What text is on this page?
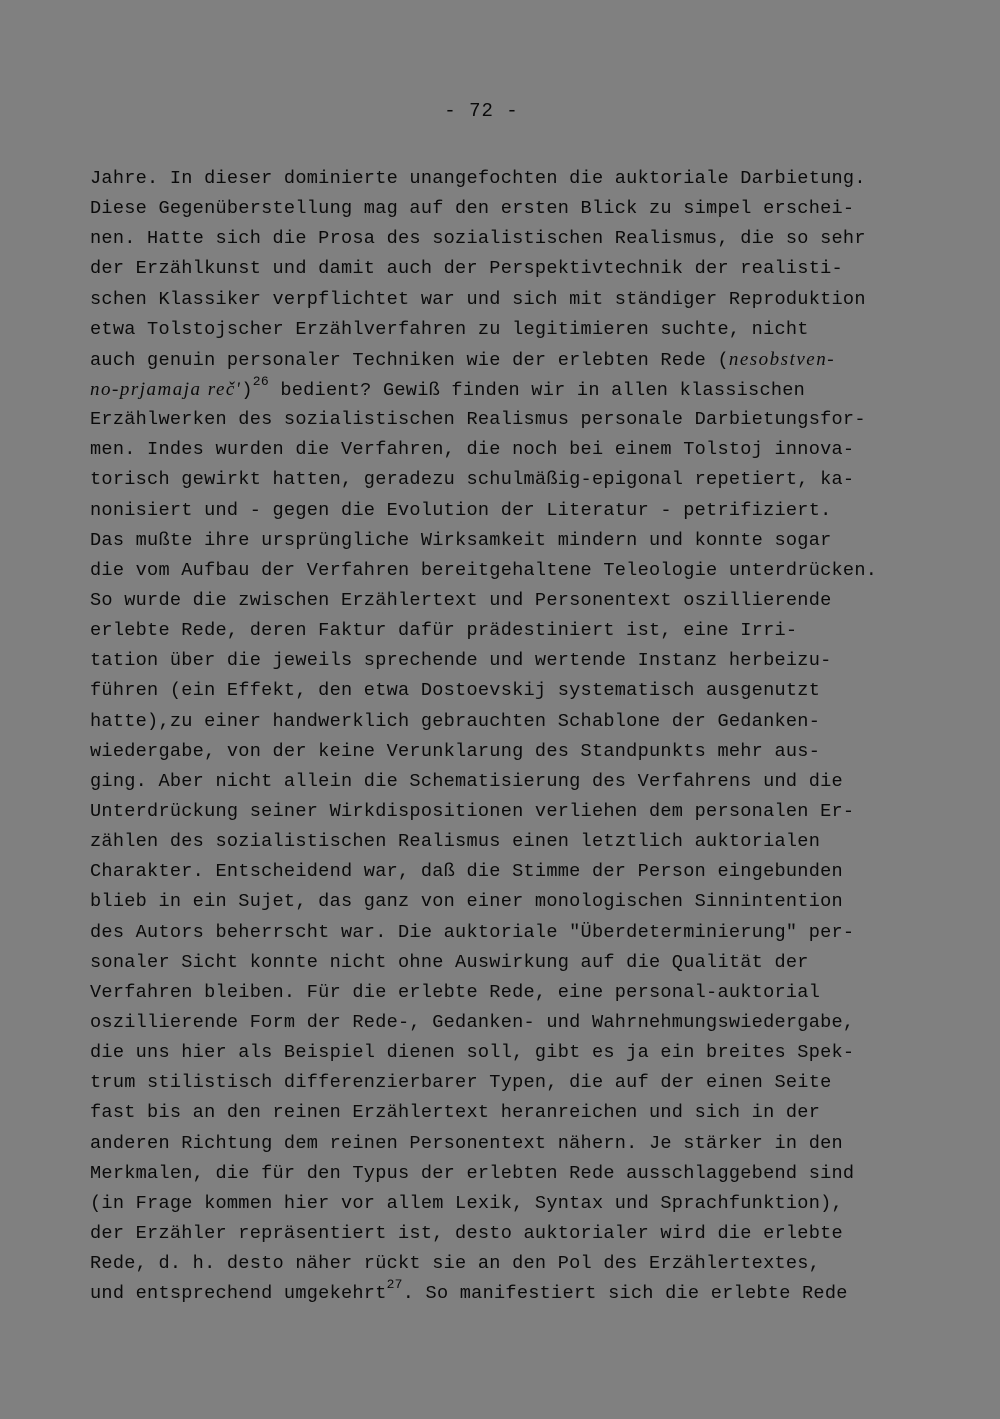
- 72 -
Jahre. In dieser dominierte unangefochten die auktoriale Darbietung.
Diese Gegenüberstellung mag auf den ersten Blick zu simpel erschei-
nen. Hatte sich die Prosa des sozialistischen Realismus, die so sehr
der Erzählkunst und damit auch der Perspektivtechnik der realisti-
schen Klassiker verpflichtet war und sich mit ständiger Reproduktion
etwa Tolstojscher Erzählverfahren zu legitimieren suchte, nicht
auch genuin personaler Techniken wie der erlebten Rede (nesobstven-
no-prjamaja reč')$^{26}$ bedient? Gewiß finden wir in allen klassischen
Erzählwerken des sozialistischen Realismus personale Darbietungsfor-
men. Indes wurden die Verfahren, die noch bei einem Tolstoj innova-
torisch gewirkt hatten, geradezu schulmäßig-epigonal repetiert, ka-
nonisiert und - gegen die Evolution der Literatur - petrifiziert.
Das mußte ihre ursprüngliche Wirksamkeit mindern und konnte sogar
die vom Aufbau der Verfahren bereitgehaltene Teleologie unterdrücken.
So wurde die zwischen Erzählertext und Personentext oszillierende
erlebte Rede, deren Faktur dafür prädestiniert ist, eine Irri-
tation über die jeweils sprechende und wertende Instanz herbeizu-
führen (ein Effekt, den etwa Dostoevskij systematisch ausgenutzt
hatte),zu einer handwerklich gebrauchten Schablone der Gedanken-
wiedergabe, von der keine Verunklarung des Standpunkts mehr aus-
ging. Aber nicht allein die Schematisierung des Verfahrens und die
Unterdrückung seiner Wirkdispositionen verliehen dem personalen Er-
zählen des sozialistischen Realismus einen letztlich auktorialen
Charakter. Entscheidend war, daß die Stimme der Person eingebunden
blieb in ein Sujet, das ganz von einer monologischen Sinnintention
des Autors beherrscht war. Die auktoriale "Überdeterminierung" per-
sonaler Sicht konnte nicht ohne Auswirkung auf die Qualität der
Verfahren bleiben. Für die erlebte Rede, eine personal-auktorial
oszillierende Form der Rede-, Gedanken- und Wahrnehmungswiedergabe,
die uns hier als Beispiel dienen soll, gibt es ja ein breites Spek-
trum stilistisch differenzierbarer Typen, die auf der einen Seite
fast bis an den reinen Erzählertext heranreichen und sich in der
anderen Richtung dem reinen Personentext nähern. Je stärker in den
Merkmalen, die für den Typus der erlebten Rede ausschlaggebend sind
(in Frage kommen hier vor allem Lexik, Syntax und Sprachfunktion),
der Erzähler repräsentiert ist, desto auktorialer wird die erlebte
Rede, d. h. desto näher rückt sie an den Pol des Erzählertextes,
und entsprechend umgekehrt$^{27}$. So manifestiert sich die erlebte Rede
